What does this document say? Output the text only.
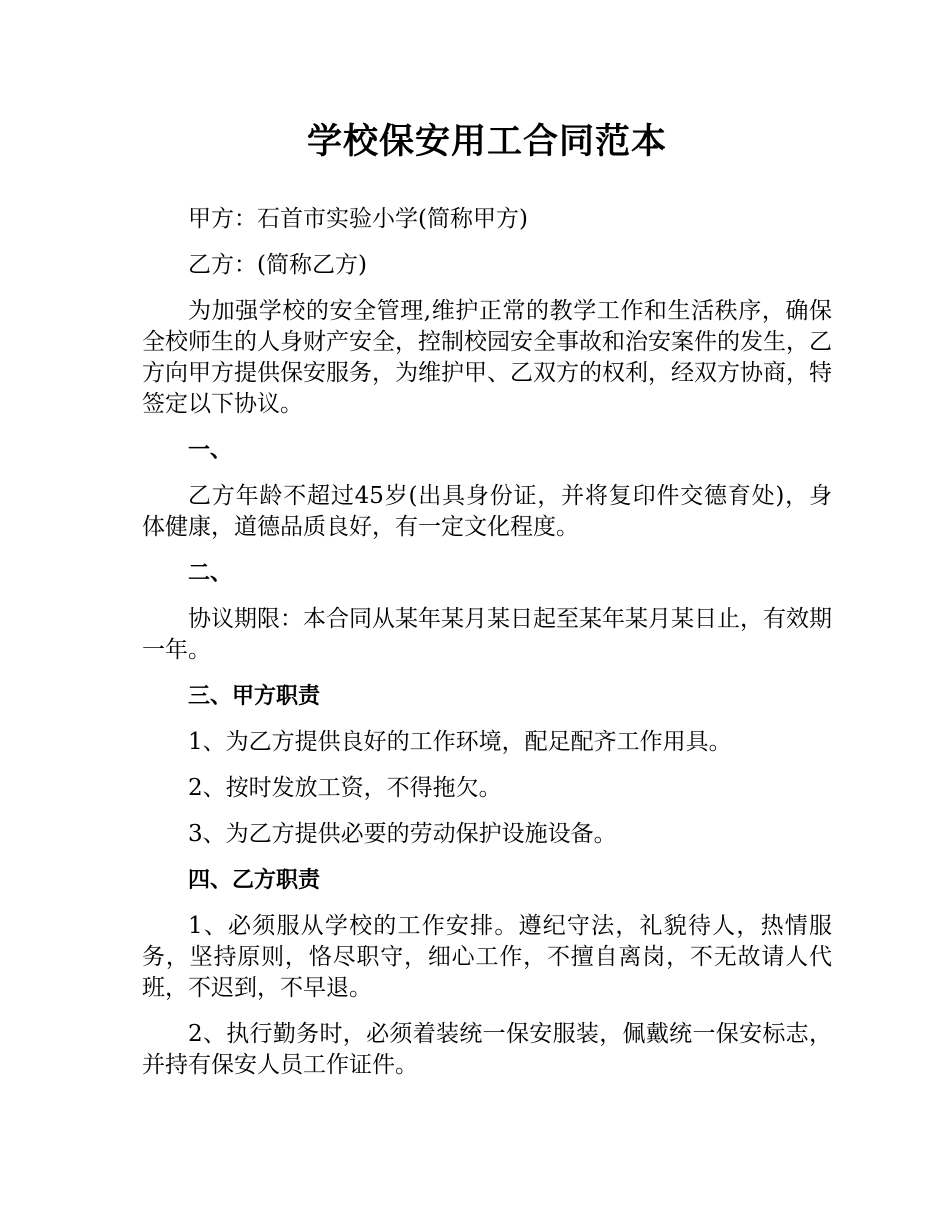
学校保安用工合同范本

甲方：石首市实验小学(简称甲方)

乙方：(简称乙方)

为加强学校的安全管理,维护正常的教学工作和生活秩序，确保全校师生的人身财产安全，控制校园安全事故和治安案件的发生，乙方向甲方提供保安服务，为维护甲、乙双方的权利，经双方协商，特签定以下协议。

一、

乙方年龄不超过45岁(出具身份证，并将复印件交德育处)，身体健康，道德品质良好，有一定文化程度。

二、

协议期限：本合同从某年某月某日起至某年某月某日止，有效期一年。

三、甲方职责

1、为乙方提供良好的工作环境，配足配齐工作用具。

2、按时发放工资，不得拖欠。

3、为乙方提供必要的劳动保护设施设备。

四、乙方职责

1、必须服从学校的工作安排。遵纪守法，礼貌待人，热情服务，坚持原则，恪尽职守，细心工作，不擅自离岗，不无故请人代班，不迟到，不早退。

2、执行勤务时，必须着装统一保安服装，佩戴统一保安标志，并持有保安人员工作证件。
